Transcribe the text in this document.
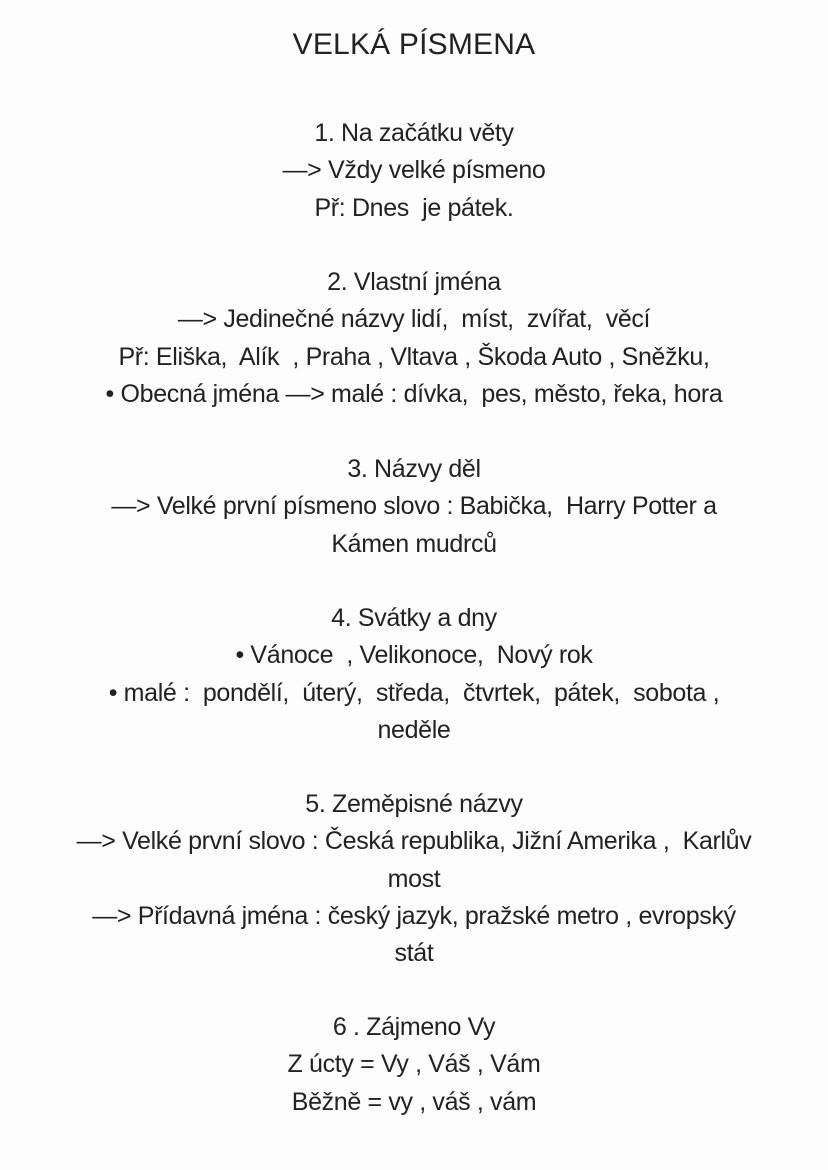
VELKÁ PÍSMENA
1. Na začátku věty
—> Vždy velké písmeno
Př: Dnes  je pátek.
2. Vlastní jména
—> Jedinečné názvy lidí,  míst,  zvířat,  věcí
Př: Eliška,  Alík  , Praha , Vltava , Škoda Auto , Sněžku,
• Obecná jména —> malé : dívka,  pes, město, řeka, hora
3. Názvy děl
—> Velké první písmeno slovo : Babička,  Harry Potter a
Kámen mudrců
4. Svátky a dny
• Vánoce  , Velikonoce,  Nový rok
• malé :  pondělí,  úterý,  středa,  čtvrtek,  pátek,  sobota ,
neděle
5. Zeměpisné názvy
—> Velké první slovo : Česká republika, Jižní Amerika ,  Karlův
most
—> Přídavná jména : český jazyk, pražské metro , evropský
stát
6 . Zájmeno Vy
Z úcty = Vy , Váš , Vám
Běžně = vy , váš , vám
